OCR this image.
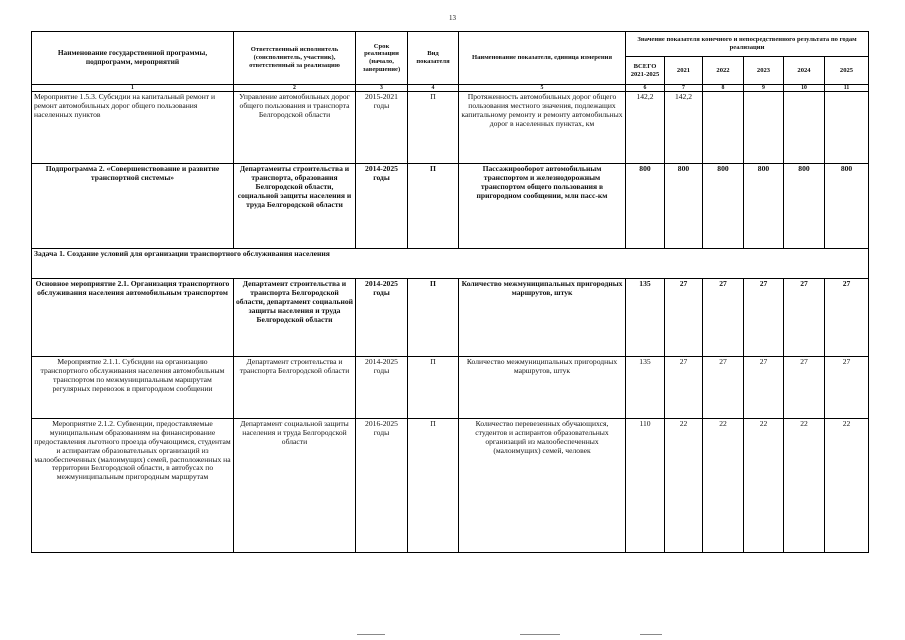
13
Наименование государственной программы, подпрограмм, мероприятий	Ответственный исполнитель (соисполнитель, участник), ответственный за реализацию	Срок реализации (начало, завершение)	Вид показателя	Наименование показателя, единица измерения	Значение показателя конечного и непосредственного результата по годам реализации					
					ВСЕГО 2021-2025	2021	2022	2023	2024	2025
1	2	3	4	5	6	7	8	9	10	11
Мероприятие 1.5.3. Субсидии на капитальный ремонт и ремонт автомобильных дорог общего пользования населенных пунктов	Управление автомобильных дорог общего пользования и транспорта Белгородской области	2015-2021 годы	П	Протяженность автомобильных дорог общего пользования местного значения, подлежащих капитальному ремонту и ремонту автомобильных дорог в населенных пунктах, км	142,2	142,2				
Подпрограмма 2. «Совершенствование и развитие транспортной системы»	Департаменты строительства и транспорта, образования Белгородской области, социальной защиты населения и труда Белгородской области	2014-2025 годы	П	Пассажирооборот автомобильным транспортом и железнодорожным транспортом общего пользования в пригородном сообщении, млн пасс-км	800	800	800	800	800	800
Задача 1. Создание условий для организации транспортного обслуживания населения										
Основное мероприятие 2.1. Организация транспортного обслуживания населения автомобильным транспортом	Департамент строительства и транспорта Белгородской области, департамент социальной защиты населения и труда Белгородской области	2014-2025 годы	П	Количество межмуниципальных пригородных маршрутов, штук	135	27	27	27	27	27
Мероприятие 2.1.1. Субсидии на организацию транспортного обслуживания населения автомобильным транспортом по межмуниципальным маршрутам регулярных перевозок в пригородном сообщении	Департамент строительства и транспорта Белгородской области	2014-2025 годы	П	Количество межмуниципальных пригородных маршрутов, штук	135	27	27	27	27	27
Мероприятие 2.1.2. Субвенции, предоставляемые муниципальным образованиям на финансирование предоставления льготного проезда обучающимся, студентам и аспирантам образовательных организаций из малообеспеченных (малоимущих) семей, расположенных на территории Белгородской области, в автобусах по межмуниципальным пригородным маршрутам	Департамент социальной защиты населения и труда Белгородской области	2016-2025 годы	П	Количество перевезенных обучающихся, студентов и аспирантов образовательных организаций из малообеспеченных (малоимущих) семей, человек	110	22	22	22	22	22
